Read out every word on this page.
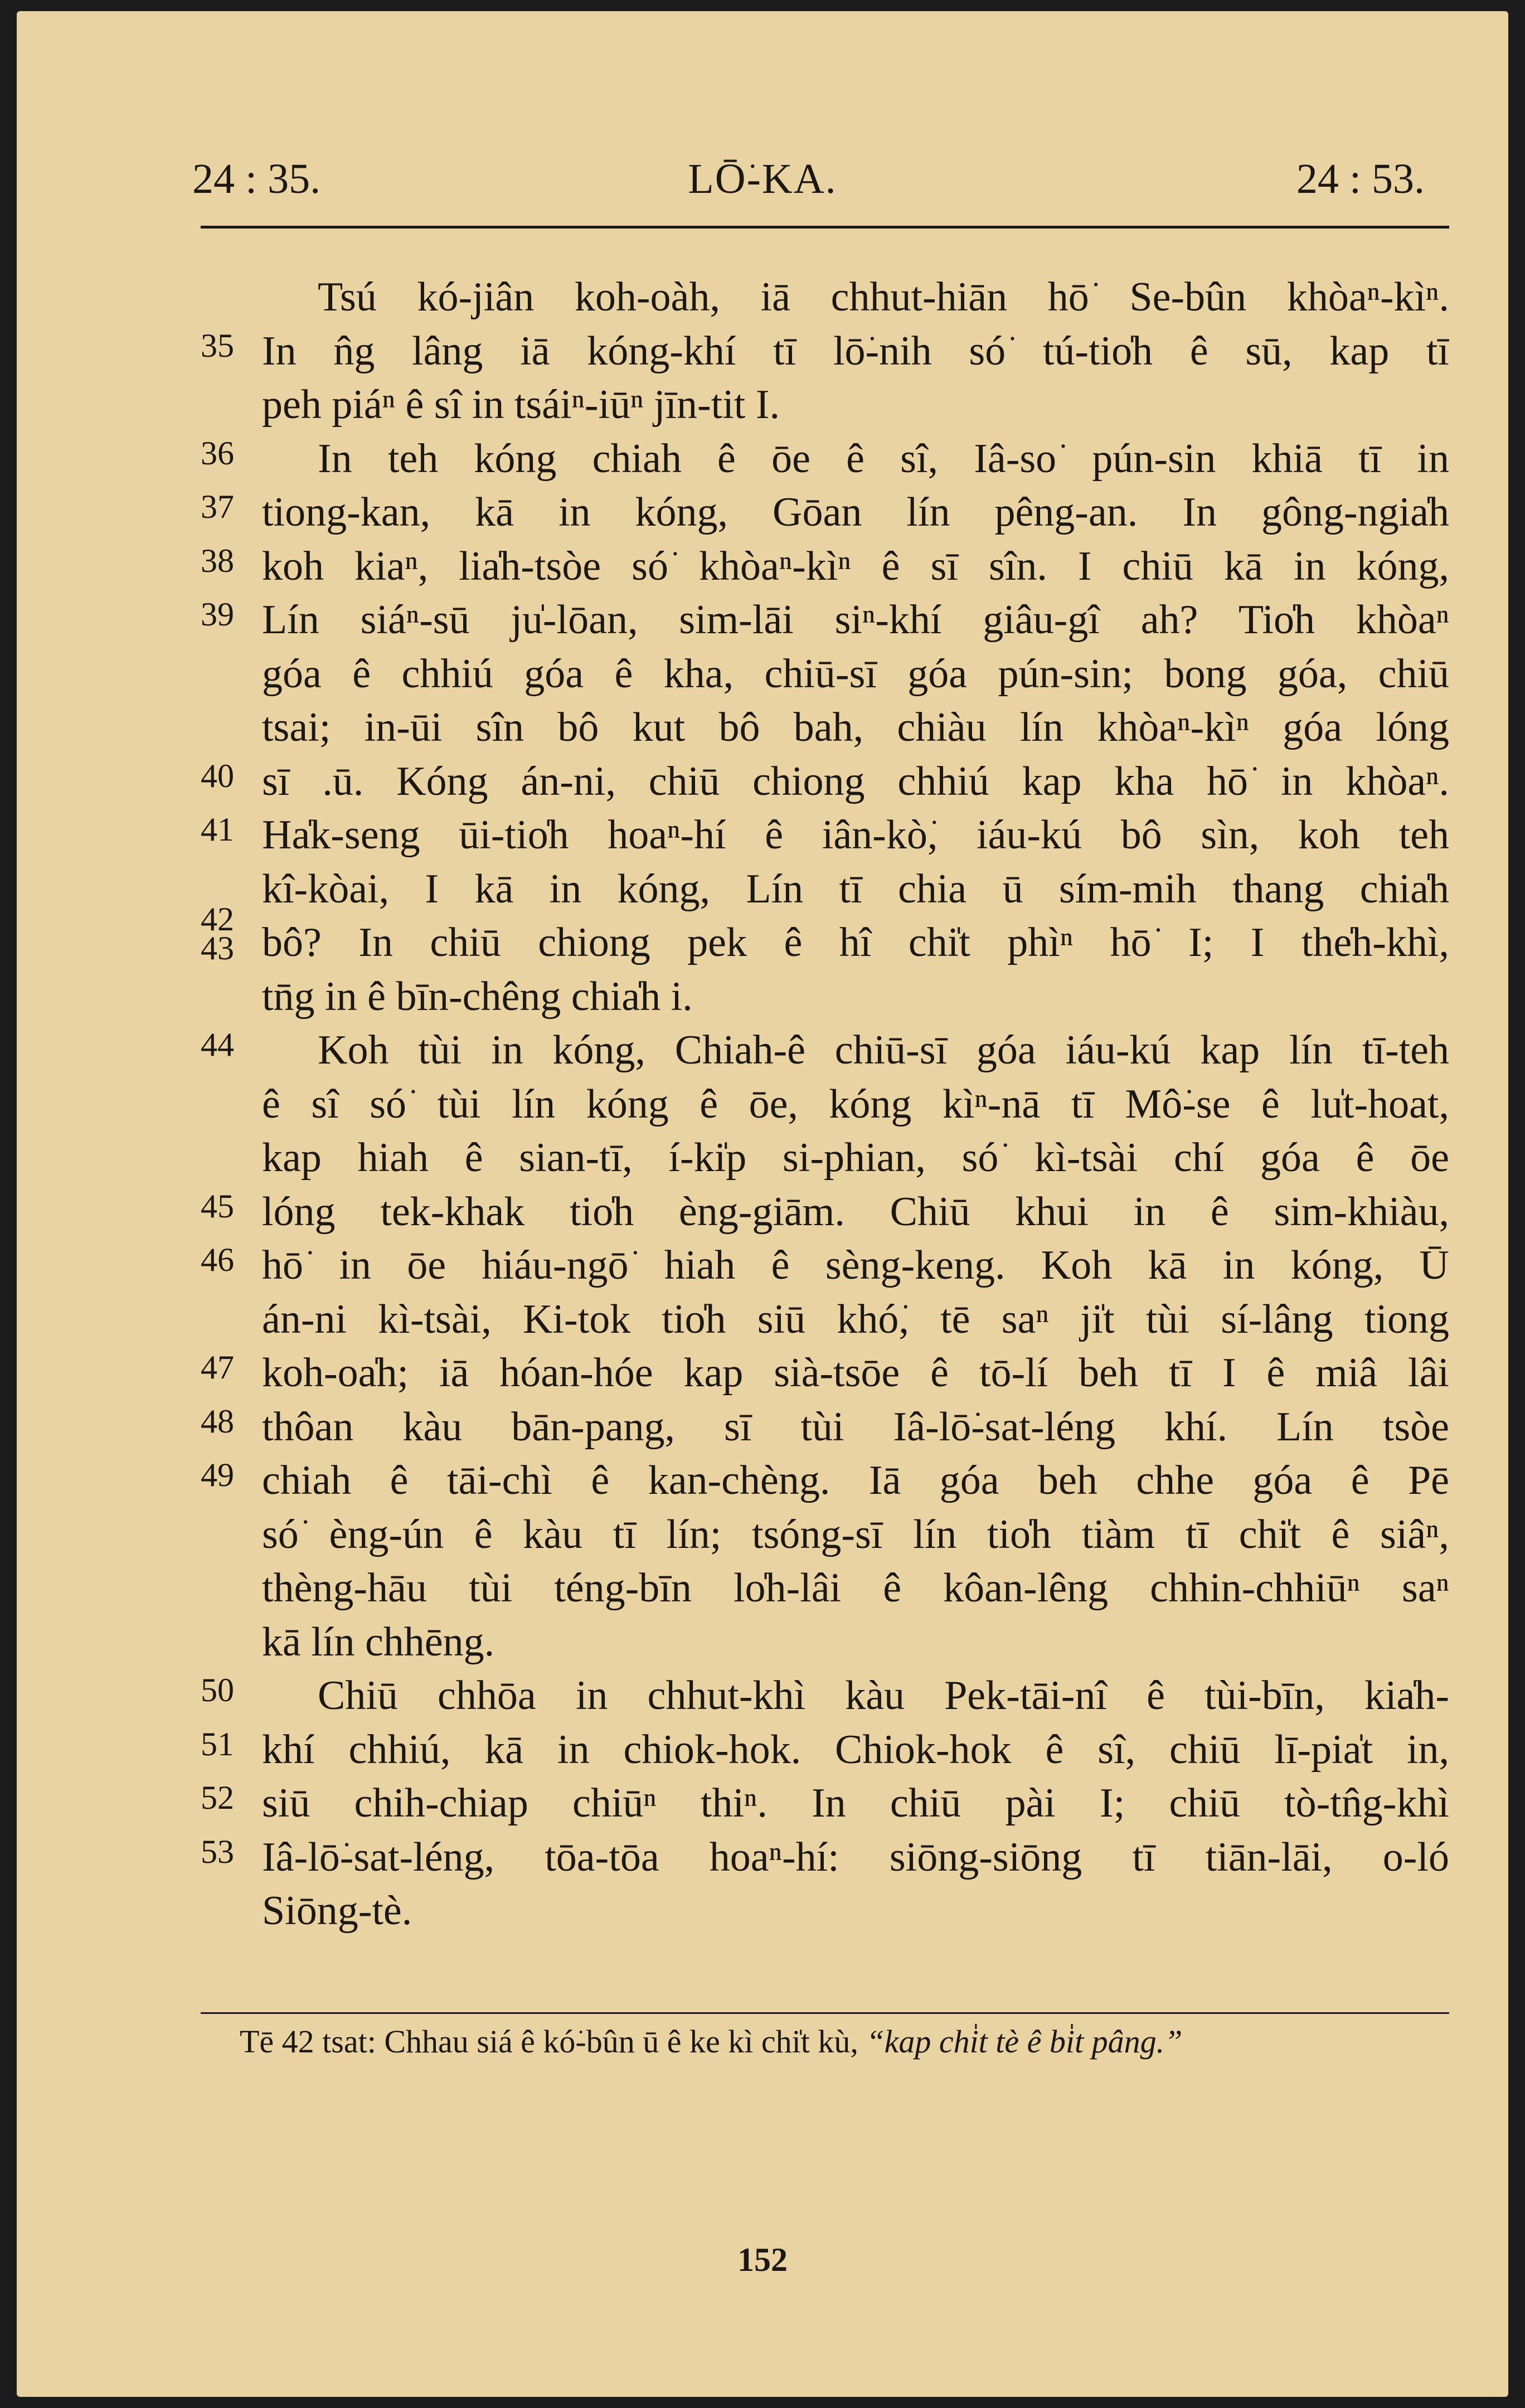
24 : 35.	LŌ͘-KA.	24 : 53.
Tsú kó-jiân koh-oàh, iā chhut-hiān hō͘ Se-bûn khòaⁿ-kìⁿ.
35 In n̂g lâng iā kóng-khí tī lō͘-nih só͘ tú-tio̍h ê sū, kap tī
peh piáⁿ ê sî in tsáiⁿ-iūⁿ jīn-tit I.
36	In teh kóng chiah ê ōe ê sî, Iâ-so͘ pún-sin khiā tī in
37 tiong-kan, kā in kóng, Gōan lín pêng-an. In gông-ngia̍h
38 koh kiaⁿ, lia̍h-tsòe só͘ khòaⁿ-kìⁿ ê sī sîn. I chiū kā in kóng,
39 Lín siáⁿ-sū ju̍-lōan, sim-lāi siⁿ-khí giâu-gî ah? Tio̍h khòaⁿ
góa ê chhiú góa ê kha, chiū-sī góa pún-sin; bong góa, chiū
tsai; in-ūi sîn bô kut bô bah, chiàu lín khòaⁿ-kìⁿ góa lóng
40 sī .ū. Kóng án-ni, chiū chiong chhiú kap kha hō͘ in khòaⁿ.
41 Ha̍k-seng ūi-tio̍h hoaⁿ-hí ê iân-kò͘, iáu-kú bô sìn, koh teh
kî-kòai, I kā in kóng, Lín tī chia ū sím-mih thang chia̍h
42
43 bô? In chiū chiong pek ê hî chi̍t phìⁿ hō͘ I; I the̍h-khì,
tn̄g in ê bīn-chêng chia̍h i.
44	Koh tùi in kóng, Chiah-ê chiū-sī góa iáu-kú kap lín tī-teh
ê sî só͘ tùi lín kóng ê ōe, kóng kìⁿ-nā tī Mô͘-se ê lu̍t-hoat,
kap hiah ê sian-tī, í-ki̍p si-phian, só͘ kì-tsài chí góa ê ōe
45 lóng tek-khak tio̍h èng-giām. Chiū khui in ê sim-khiàu,
46 hō͘ in ōe hiáu-ngō͘ hiah ê sèng-keng. Koh kā in kóng, Ū
án-ni kì-tsài, Ki-tok tio̍h siū khó͘, tē saⁿ ji̍t tùi sí-lâng tiong
47 koh-oa̍h; iā hóan-hóe kap sià-tsōe ê tō-lí beh tī I ê miâ lâi
48 thôan kàu bān-pang, sī tùi Iâ-lō͘-sat-léng khí. Lín tsòe
49 chiah ê tāi-chì ê kan-chèng. Iā góa beh chhe góa ê Pē
só͘ èng-ún ê kàu tī lín; tsóng-sī lín tio̍h tiàm tī chi̍t ê siâⁿ,
thèng-hāu tùi téng-bīn lo̍h-lâi ê kôan-lêng chhin-chhiūⁿ saⁿ
kā lín chhēng.
50	Chiū chhōa in chhut-khì kàu Pek-tāi-nî ê tùi-bīn, kia̍h-
51 khí chhiú, kā in chiok-hok. Chiok-hok ê sî, chiū lī-pia̍t in,
52 siū chih-chiap chiūⁿ thiⁿ. In chiū pài I; chiū tò-tn̂g-khì
53 Iâ-lō͘-sat-léng, tōa-tōa hoaⁿ-hí: siōng-siōng tī tiān-lāi, o-ló
Siōng-tè.
Tē 42 tsat: Chhau siá ê kó͘-bûn ū ê ke kì chi̍t kù, “kap chi̍t tè ê bi̍t pâng.”
152
